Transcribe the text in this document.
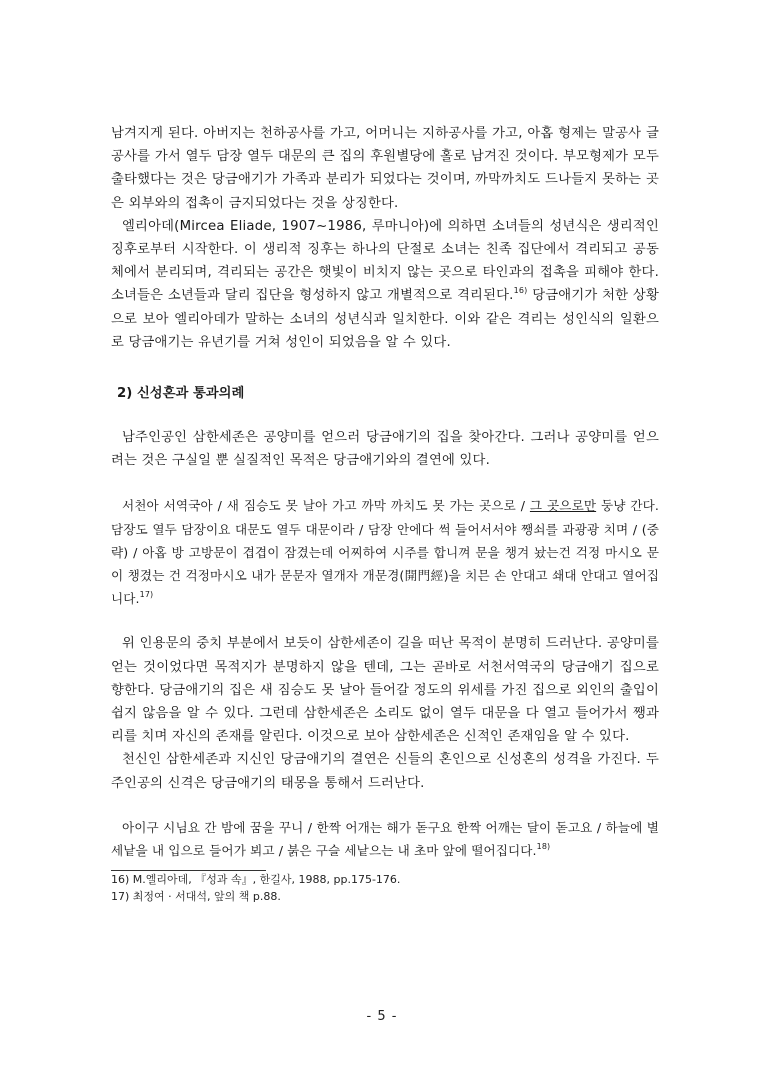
남겨지게 된다. 아버지는 천하공사를 가고, 어머니는 지하공사를 가고, 아홉 형제는 말공사 글공사를 가서 열두 담장 열두 대문의 큰 집의 후원별당에 홀로 남겨진 것이다. 부모형제가 모두 출타했다는 것은 당금애기가 가족과 분리가 되었다는 것이며, 까막까치도 드나들지 못하는 곳은 외부와의 접촉이 금지되었다는 것을 상징한다.

엘리아데(Mircea Eliade, 1907~1986, 루마니아)에 의하면 소녀들의 성년식은 생리적인 징후로부터 시작한다. 이 생리적 징후는 하나의 단절로 소녀는 친족 집단에서 격리되고 공동체에서 분리되며, 격리되는 공간은 햇빛이 비치지 않는 곳으로 타인과의 접촉을 피해야 한다. 소녀들은 소년들과 달리 집단을 형성하지 않고 개별적으로 격리된다.$^{16)}$ 당금애기가 처한 상황으로 보아 엘리아데가 말하는 소녀의 성년식과 일치한다. 이와 같은 격리는 성인식의 일환으로 당금애기는 유년기를 거쳐 성인이 되었음을 알 수 있다.

2) 신성혼과 통과의례

남주인공인 삼한세존은 공양미를 얻으러 당금애기의 집을 찾아간다. 그러나 공양미를 얻으려는 것은 구실일 뿐 실질적인 목적은 당금애기와의 결연에 있다.

서천아 서역국아 / 새 짐승도 못 날아 가고 까막 까치도 못 가는 곳으로 / 그 곳으로만 둥냥 간다. 담장도 열두 담장이요 대문도 열두 대문이라 / 담장 안에다 썩 들어서서야 쨍쇠를 과광광 치며 / (중략) / 아홉 방 고방문이 겹겹이 잠겼는데 어찌하여 시주를 합니껴 문을 챙겨 놨는건 걱정 마시오 문이 챙겼는 건 걱정마시오 내가 문문자 열개자 개문경(開門經)을 치믄 손 안대고 쇄대 안대고 열어집니다.$^{17)}$

위 인용문의 중치 부분에서 보듯이 삼한세존이 길을 떠난 목적이 분명히 드러난다. 공양미를 얻는 것이었다면 목적지가 분명하지 않을 텐데, 그는 곧바로 서천서역국의 당금애기 집으로 향한다. 당금애기의 집은 새 짐승도 못 날아 들어갈 정도의 위세를 가진 집으로 외인의 출입이 쉽지 않음을 알 수 있다. 그런데 삼한세존은 소리도 없이 열두 대문을 다 열고 들어가서 쨍과리를 치며 자신의 존재를 알린다. 이것으로 보아 삼한세존은 신적인 존재임을 알 수 있다.

천신인 삼한세존과 지신인 당금애기의 결연은 신들의 혼인으로 신성혼의 성격을 가진다. 두 주인공의 신격은 당금애기의 태몽을 통해서 드러난다.

아이구 시님요 간 밤에 꿈을 꾸니 / 한짝 어개는 해가 돋구요 한짝 어깨는 달이 돋고요 / 하늘에 별 세낱을 내 입으로 들어가 뵈고 / 붉은 구슬 세낱으는 내 초마 앞에 떨어집디다.$^{18)}$

16) M.엘리아데, 『성과 속』, 한길사, 1988, pp.175-176.

17) 최정여 · 서대석, 앞의 책 p.88.

- 5 -
